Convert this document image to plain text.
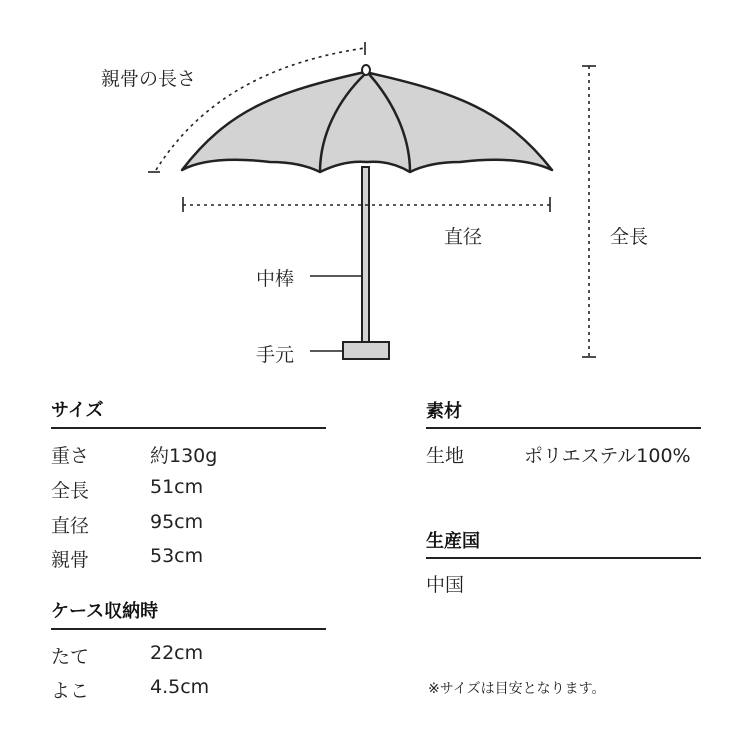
親骨の長さ
直径	全長
中棒
手元
サイズ
重さ	約130g
全長	51cm
直径	95cm
親骨	53cm
ケース収納時
たて	22cm
よこ	4.5cm
素材
生地	ポリエステル100%
生産国
中国
※サイズは目安となります。
